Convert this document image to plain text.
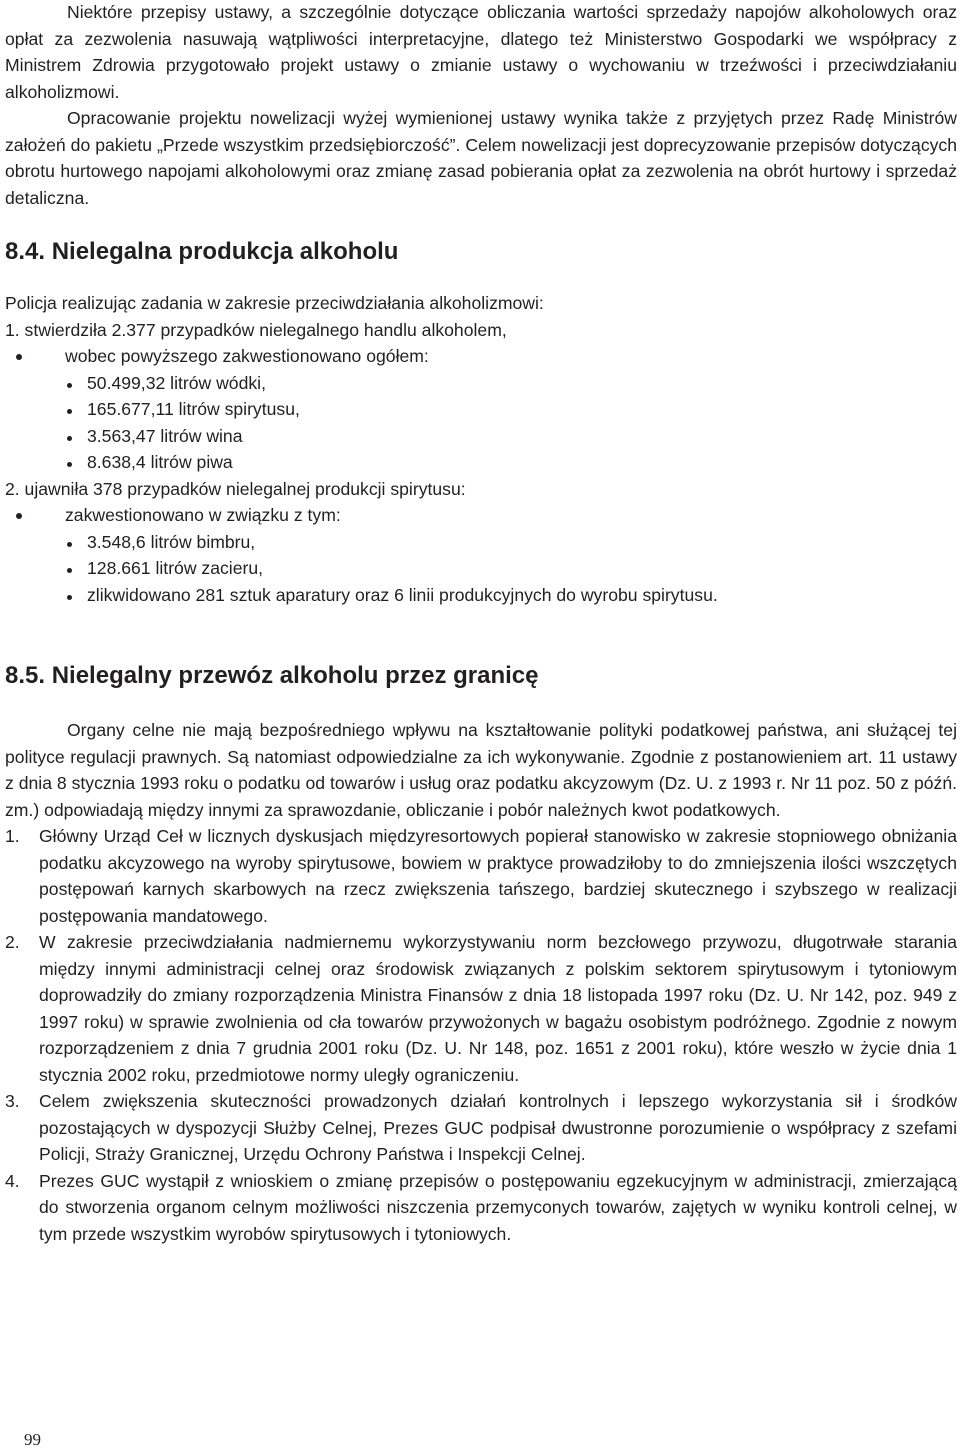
Niektóre przepisy ustawy, a szczególnie dotyczące obliczania wartości sprzedaży napojów alkoholowych oraz opłat za zezwolenia nasuwają wątpliwości interpretacyjne, dlatego też Ministerstwo Gospodarki we współpracy z Ministrem Zdrowia przygotowało projekt ustawy o zmianie ustawy o wychowaniu w trzeźwości i przeciwdziałaniu alkoholizmowi.

Opracowanie projektu nowelizacji wyżej wymienionej ustawy wynika także z przyjętych przez Radę Ministrów założeń do pakietu „Przede wszystkim przedsiębiorczość”. Celem nowelizacji jest doprecyzowanie przepisów dotyczących obrotu hurtowego napojami alkoholowymi oraz zmianę zasad pobierania opłat za zezwolenia na obrót hurtowy i sprzedaż detaliczna.

8.4. Nielegalna produkcja alkoholu
Policja realizując zadania w zakresie przeciwdziałania alkoholizmowi:
1. stwierdziła 2.377 przypadków nielegalnego handlu alkoholem,
wobec powyższego zakwestionowano ogółem:
50.499,32 litrów wódki,
165.677,11 litrów spirytusu,
3.563,47 litrów wina
8.638,4 litrów piwa
2. ujawniła 378 przypadków nielegalnej produkcji spirytusu:
zakwestionowano w związku z tym:
3.548,6 litrów bimbru,
128.661 litrów zacieru,
zlikwidowano 281 sztuk aparatury oraz 6 linii produkcyjnych do wyrobu spirytusu.
8.5. Nielegalny przewóz alkoholu przez granicę

Organy celne nie mają bezpośredniego wpływu na kształtowanie polityki podatkowej państwa, ani służącej tej polityce regulacji prawnych. Są natomiast odpowiedzialne za ich wykonywanie. Zgodnie z postanowieniem art. 11 ustawy z dnia 8 stycznia 1993 roku o podatku od towarów i usług oraz podatku akcyzowym (Dz. U. z 1993 r. Nr 11 poz. 50 z późń. zm.) odpowiadają między innymi za sprawozdanie, obliczanie i pobór należnych kwot podatkowych.

1. Główny Urząd Ceł w licznych dyskusjach międzyresortowych popierał stanowisko w zakresie stopniowego obniżania podatku akcyzowego na wyroby spirytusowe, bowiem w praktyce prowadziłoby to do zmniejszenia ilości wszczętych postępowań karnych skarbowych na rzecz zwiększenia tańszego, bardziej skutecznego i szybszego w realizacji postępowania mandatowego.
2. W zakresie przeciwdziałania nadmiernemu wykorzystywaniu norm bezcłowego przywozu, długotrwałe starania między innymi administracji celnej oraz środowisk związanych z polskim sektorem spirytusowym i tytoniowym doprowadziły do zmiany rozporządzenia Ministra Finansów z dnia 18 listopada 1997 roku (Dz. U. Nr 142, poz. 949 z 1997 roku) w sprawie zwolnienia od cła towarów przywożonych w bagażu osobistym podróżnego. Zgodnie z nowym rozporządzeniem z dnia 7 grudnia 2001 roku (Dz. U. Nr 148, poz. 1651 z 2001 roku), które weszło w życie dnia 1 stycznia 2002 roku, przedmiotowe normy uległy ograniczeniu.
3. Celem zwiększenia skuteczności prowadzonych działań kontrolnych i lepszego wykorzystania sił i środków pozostających w dyspozycji Służby Celnej, Prezes GUC podpisał dwustronne porozumienie o współpracy z szefami Policji, Straży Granicznej, Urzędu Ochrony Państwa i Inspekcji Celnej.
4. Prezes GUC wystąpił z wnioskiem o zmianę przepisów o postępowaniu egzekucyjnym w administracji, zmierzającą do stworzenia organom celnym możliwości niszczenia przemyconych towarów, zajętych w wyniku kontroli celnej, w tym przede wszystkim wyrobów spirytusowych i tytoniowych.
99
